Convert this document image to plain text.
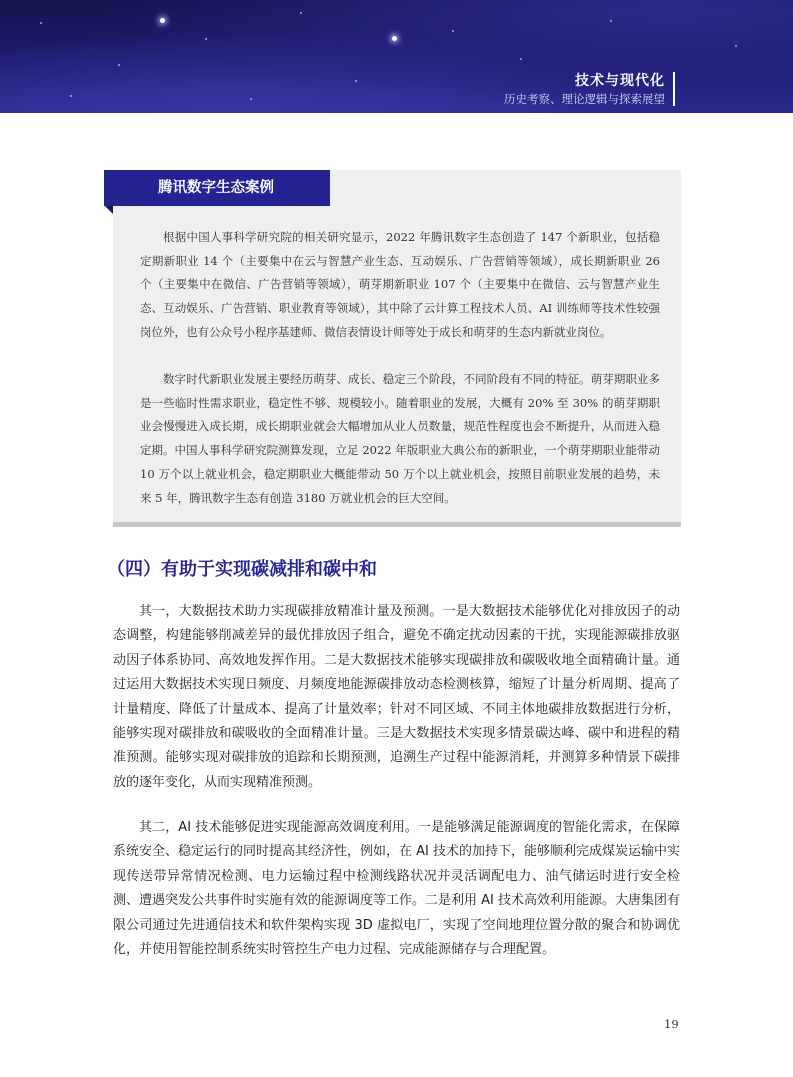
技术与现代化
历史考察、理论逻辑与探索展望
腾讯数字生态案例

根据中国人事科学研究院的相关研究显示，2022 年腾讯数字生态创造了 147 个新职业，包括稳定期新职业 14 个（主要集中在云与智慧产业生态、互动娱乐、广告营销等领域），成长期新职业 26 个（主要集中在微信、广告营销等领域），萌芽期新职业 107 个（主要集中在微信、云与智慧产业生态、互动娱乐、广告营销、职业教育等领域），其中除了云计算工程技术人员、AI 训练师等技术性较强岗位外，也有公众号小程序基建师、微信表情设计师等处于成长和萌芽的生态内新就业岗位。

数字时代新职业发展主要经历萌芽、成长、稳定三个阶段，不同阶段有不同的特征。萌芽期职业多是一些临时性需求职业，稳定性不够、规模较小。随着职业的发展，大概有 20% 至 30% 的萌芽期职业会慢慢进入成长期，成长期职业就会大幅增加从业人员数量，规范性程度也会不断提升，从而进入稳定期。中国人事科学研究院测算发现，立足 2022 年版职业大典公布的新职业，一个萌芽期职业能带动 10 万个以上就业机会，稳定期职业大概能带动 50 万个以上就业机会，按照目前职业发展的趋势，未来 5 年，腾讯数字生态有创造 3180 万就业机会的巨大空间。

（四）有助于实现碳减排和碳中和

其一，大数据技术助力实现碳排放精准计量及预测。一是大数据技术能够优化对排放因子的动态调整，构建能够削减差异的最优排放因子组合，避免不确定扰动因素的干扰，实现能源碳排放驱动因子体系协同、高效地发挥作用。二是大数据技术能够实现碳排放和碳吸收地全面精确计量。通过运用大数据技术实现日频度、月频度地能源碳排放动态检测核算，缩短了计量分析周期、提高了计量精度、降低了计量成本、提高了计量效率；针对不同区域、不同主体地碳排放数据进行分析，能够实现对碳排放和碳吸收的全面精准计量。三是大数据技术实现多情景碳达峰、碳中和进程的精准预测。能够实现对碳排放的追踪和长期预测，追溯生产过程中能源消耗，并测算多种情景下碳排放的逐年变化，从而实现精准预测。

其二，AI 技术能够促进实现能源高效调度利用。一是能够满足能源调度的智能化需求，在保障系统安全、稳定运行的同时提高其经济性，例如，在 AI 技术的加持下，能够顺利完成煤炭运输中实现传送带异常情况检测、电力运输过程中检测线路状况并灵活调配电力、油气储运时进行安全检测、遭遇突发公共事件时实施有效的能源调度等工作。二是利用 AI 技术高效利用能源。大唐集团有限公司通过先进通信技术和软件架构实现 3D 虚拟电厂，实现了空间地理位置分散的聚合和协调优化，并使用智能控制系统实时管控生产电力过程、完成能源储存与合理配置。

19
